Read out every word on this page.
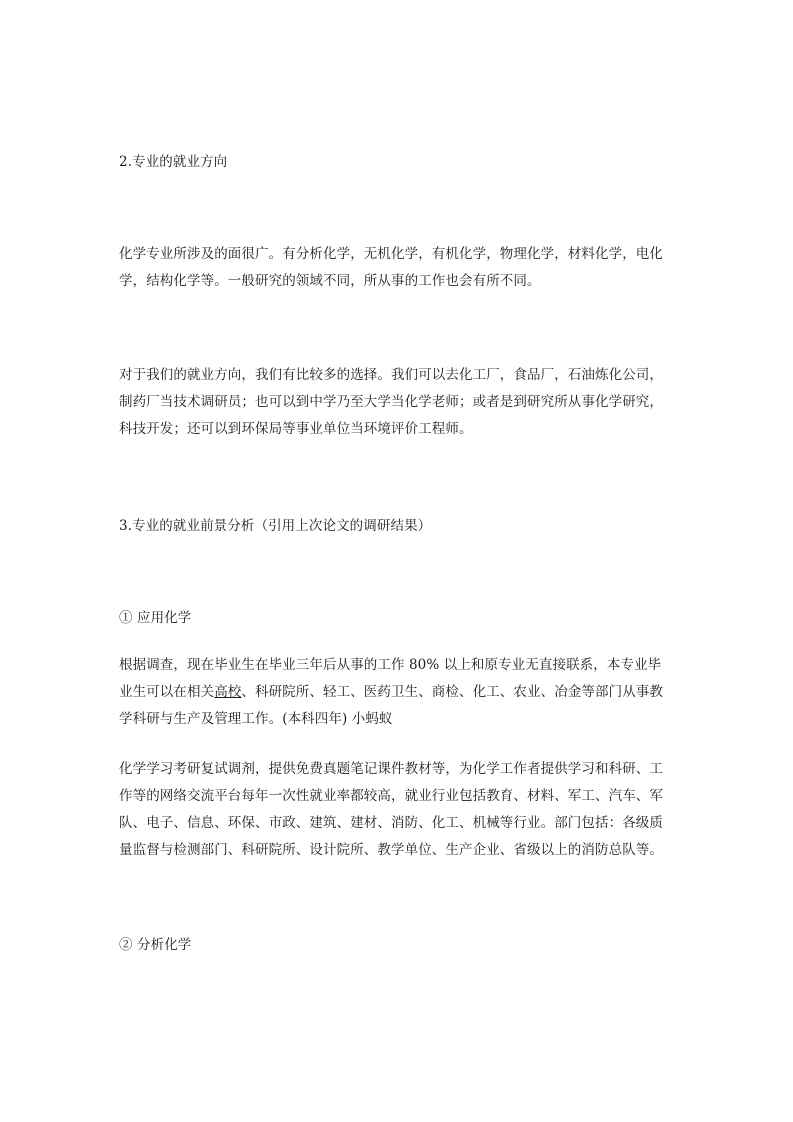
2.专业的就业方向

化学专业所涉及的面很广。有分析化学，无机化学，有机化学，物理化学，材料化学，电化学，结构化学等。一般研究的领域不同，所从事的工作也会有所不同。

对于我们的就业方向，我们有比较多的选择。我们可以去化工厂，食品厂，石油炼化公司，制药厂当技术调研员；也可以到中学乃至大学当化学老师；或者是到研究所从事化学研究，科技开发；还可以到环保局等事业单位当环境评价工程师。

3.专业的就业前景分析（引用上次论文的调研结果）

① 应用化学

根据调查，现在毕业生在毕业三年后从事的工作 80% 以上和原专业无直接联系，本专业毕业生可以在相关高校、科研院所、轻工、医药卫生、商检、化工、农业、冶金等部门从事教学科研与生产及管理工作。(本科四年) 小蚂蚁

化学学习考研复试调剂，提供免费真题笔记课件教材等，为化学工作者提供学习和科研、工作等的网络交流平台每年一次性就业率都较高，就业行业包括教育、材料、军工、汽车、军队、电子、信息、环保、市政、建筑、建材、消防、化工、机械等行业。部门包括：各级质量监督与检测部门、科研院所、设计院所、教学单位、生产企业、省级以上的消防总队等。

② 分析化学
